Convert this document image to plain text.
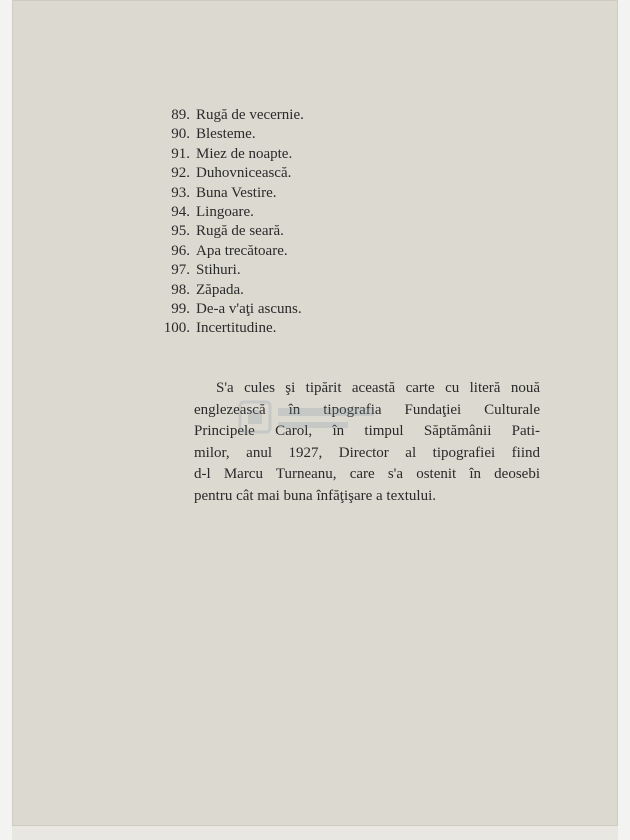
89. Rugă de vecernie.
90. Blesteme.
91. Miez de noapte.
92. Duhovnicească.
93. Buna Vestire.
94. Lingoare.
95. Rugă de seară.
96. Apa trecătoare.
97. Stihuri.
98. Zăpada.
99. De-a v'aţi ascuns.
100. Incertitudine.
S'a cules şi tipărit această carte cu literă nouă
englezească în tipografia Fundaţiei Culturale
Principele Carol, în timpul Săptămânii Pati-
milor, anul 1927, Director al tipografiei fiind
d-l Marcu Turneanu, care s'a ostenit în deosebi
pentru cât mai buna înfăţişare a textului.
